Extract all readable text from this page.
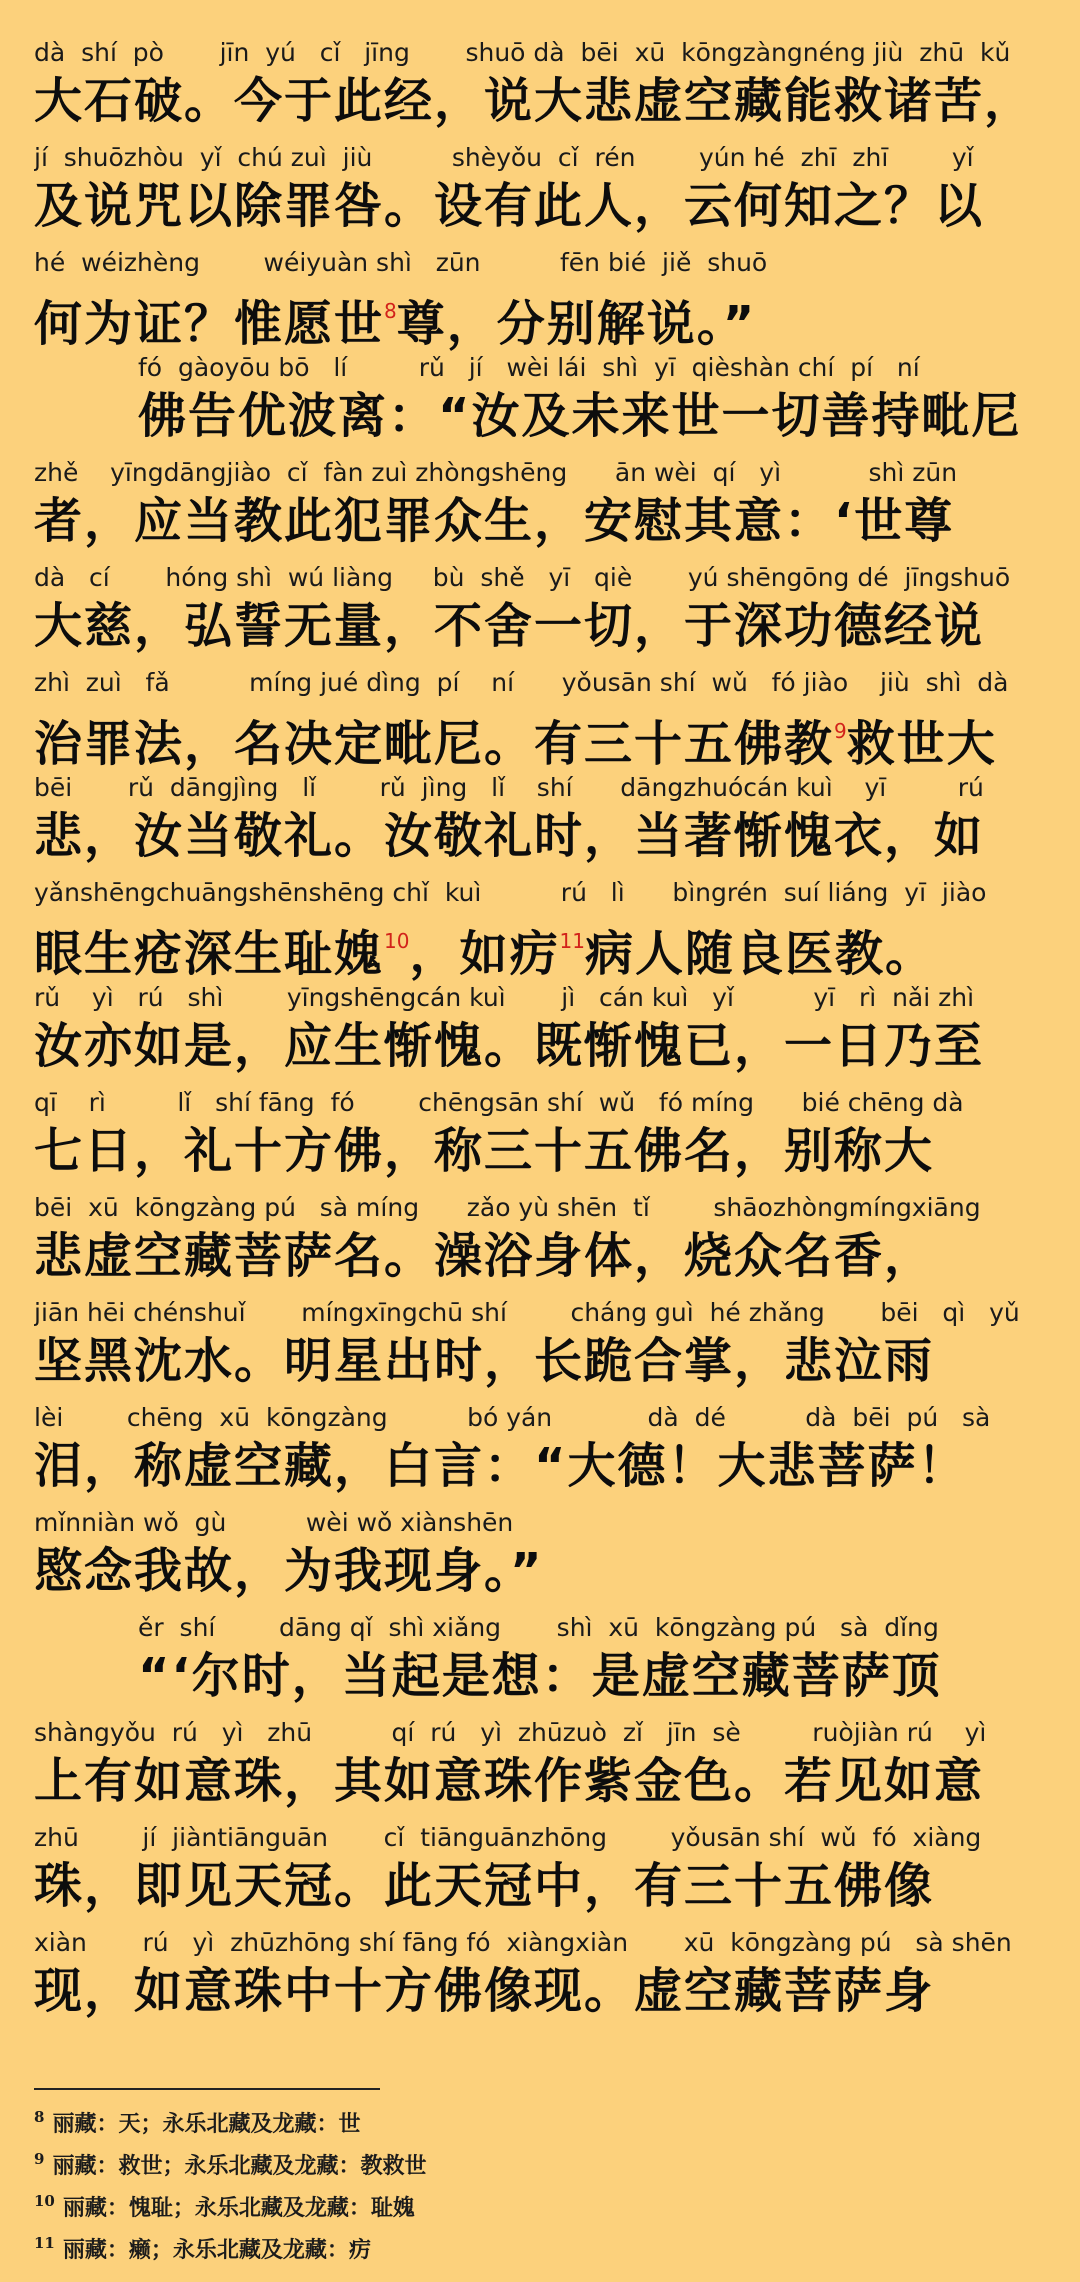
dà  shí  pò       jīn  yú   cǐ   jīng       shuō dà  bēi  xū  kōngzàngnéng jiù  zhū  kǔ
大石破。今于此经，说大悲虚空藏能救诸苦，
jí  shuōzhòu  yǐ  chú zuì  jiù          shèyǒu  cǐ  rén        yún hé  zhī  zhī        yǐ
及说咒以除罪咎。设有此人，云何知之？以
hé  wéizhèng        wéiyuàn shì   zūn          fēn bié  jiě  shuō
何为证？惟愿世$^8$尊，分别解说。”
fó  gàoyōu bō   lí         rǔ   jí   wèi lái  shì  yī  qièshàn chí  pí   ní
佛告优波离：“汝及未来世一切善持毗尼
zhě    yīngdāngjiào  cǐ  fàn zuì zhòngshēng      ān wèi  qí   yì           shì zūn
者，应当教此犯罪众生，安慰其意：‘世尊
dà   cí       hóng shì  wú liàng     bù  shě   yī   qiè       yú shēngōng dé  jīngshuō
大慈，弘誓无量，不舍一切，于深功德经说
zhì  zuì   fǎ          míng jué dìng  pí    ní      yǒusān shí  wǔ   fó jiào    jiù  shì  dà
治罪法，名决定毗尼。有三十五佛教$^9$救世大
bēi       rǔ  dāngjìng   lǐ        rǔ  jìng   lǐ    shí      dāngzhuócán kuì    yī         rú
悲，汝当敬礼。汝敬礼时，当著惭愧衣，如
yǎnshēngchuāngshēnshēng chǐ  kuì          rú   lì      bìngrén  suí liáng  yī  jiào
眼生疮深生耻媿$^{10}$，如疠$^{11}$病人随良医教。
rǔ    yì   rú   shì        yīngshēngcán kuì       jì   cán kuì   yǐ          yī   rì  nǎi zhì
汝亦如是，应生惭愧。既惭愧已，一日乃至
qī    rì         lǐ   shí fāng  fó        chēngsān shí  wǔ   fó míng      bié chēng dà
七日，礼十方佛，称三十五佛名，别称大
bēi  xū  kōngzàng pú   sà míng      zǎo yù shēn  tǐ        shāozhòngmíngxiāng
悲虚空藏菩萨名。澡浴身体，烧众名香，
jiān hēi chénshuǐ       míngxīngchū shí        cháng guì  hé zhǎng       bēi   qì   yǔ
坚黑沈水。明星出时，长跪合掌，悲泣雨
lèi        chēng  xū  kōngzàng          bó yán            dà  dé          dà  bēi  pú   sà
泪，称虚空藏，白言：“大德！大悲菩萨！
mǐnniàn wǒ  gù          wèi wǒ xiànshēn
愍念我故，为我现身。”
ěr  shí        dāng qǐ  shì xiǎng       shì  xū  kōngzàng pú   sà  dǐng
“‘尔时，当起是想：是虚空藏菩萨顶
shàngyǒu  rú   yì   zhū          qí  rú   yì  zhūzuò  zǐ   jīn  sè         ruòjiàn rú    yì
上有如意珠，其如意珠作紫金色。若见如意
zhū        jí  jiàntiānguān       cǐ  tiānguānzhōng        yǒusān shí  wǔ  fó  xiàng
珠，即见天冠。此天冠中，有三十五佛像
xiàn       rú   yì  zhūzhōng shí fāng fó  xiàngxiàn       xū  kōngzàng pú   sà shēn
现，如意珠中十方佛像现。虚空藏菩萨身
$^8$ 丽藏：天；永乐北藏及龙藏：世
$^9$ 丽藏：救世；永乐北藏及龙藏：教救世
$^{10}$ 丽藏：愧耻；永乐北藏及龙藏：耻媿
$^{11}$ 丽藏：癞；永乐北藏及龙藏：疠
